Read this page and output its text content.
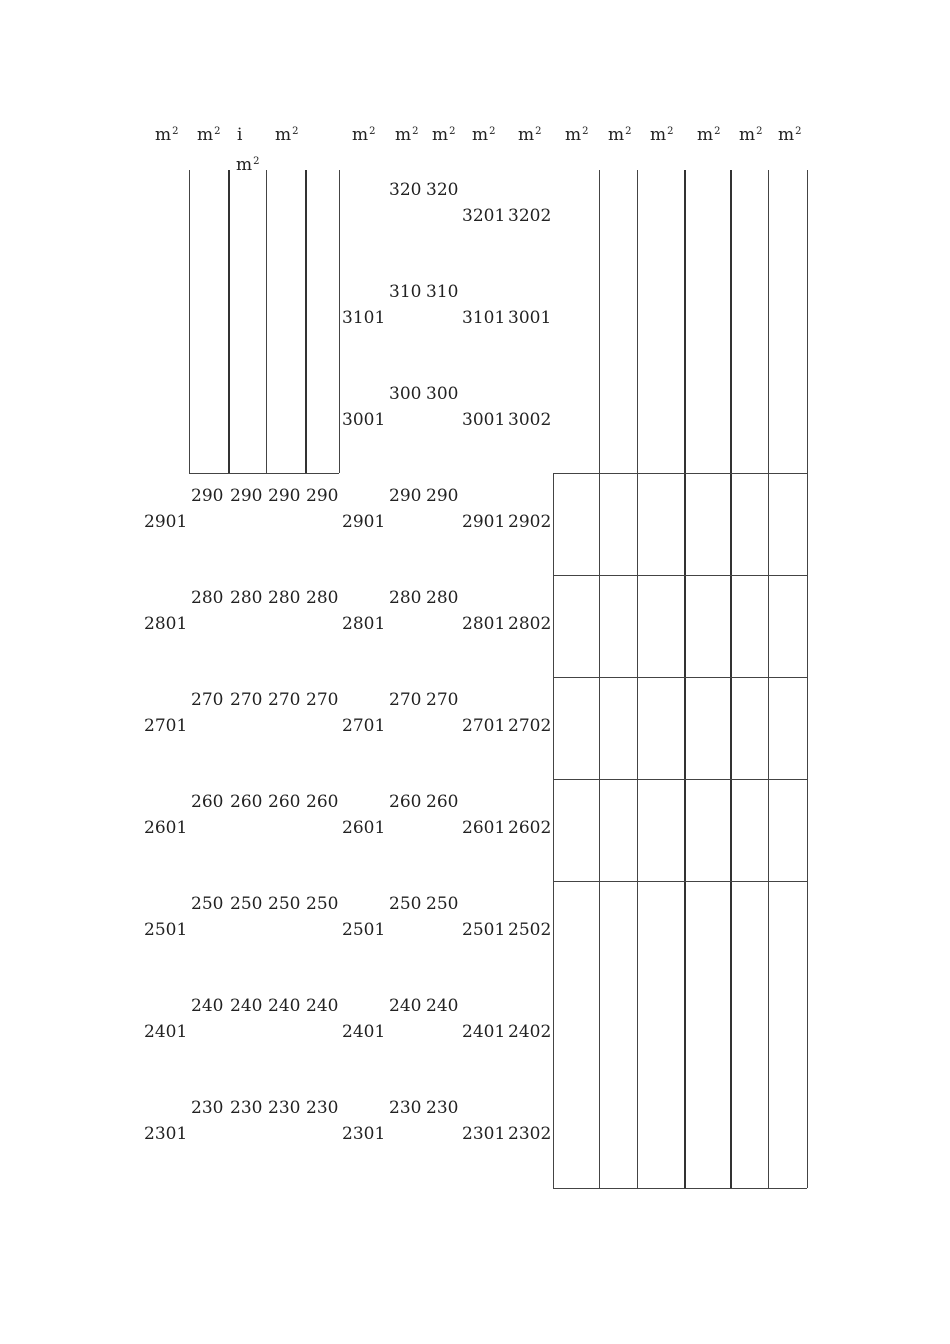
$m^2$ $m^2$ i $m^2$	$m^2$ $m^2$ $m^2$ $m^2$ $m^2$ $m^2$ $m^2$ $m^2$ $m^2$ $m^2$ $m^2$
$m^2$
290 290 290 290
2901
280 280 280 280
2801
270 270 270 270
2701
260 260 260 260
2601
250 250 250 250
2501
240 240 240 240
2401
230 230 230 230
2301
320 320
3201 3202
3101
310 310
3101 3001
3001
300 300
3001 3002
2901
290 290
2901 2902
2801
280 280
2801 2802
2701
270 270
2701 2702
2601
260 260
2601 2602
2501
250 250
2501 2502
2401
240 240
2401 2402
2301
230 230
2301 2302
